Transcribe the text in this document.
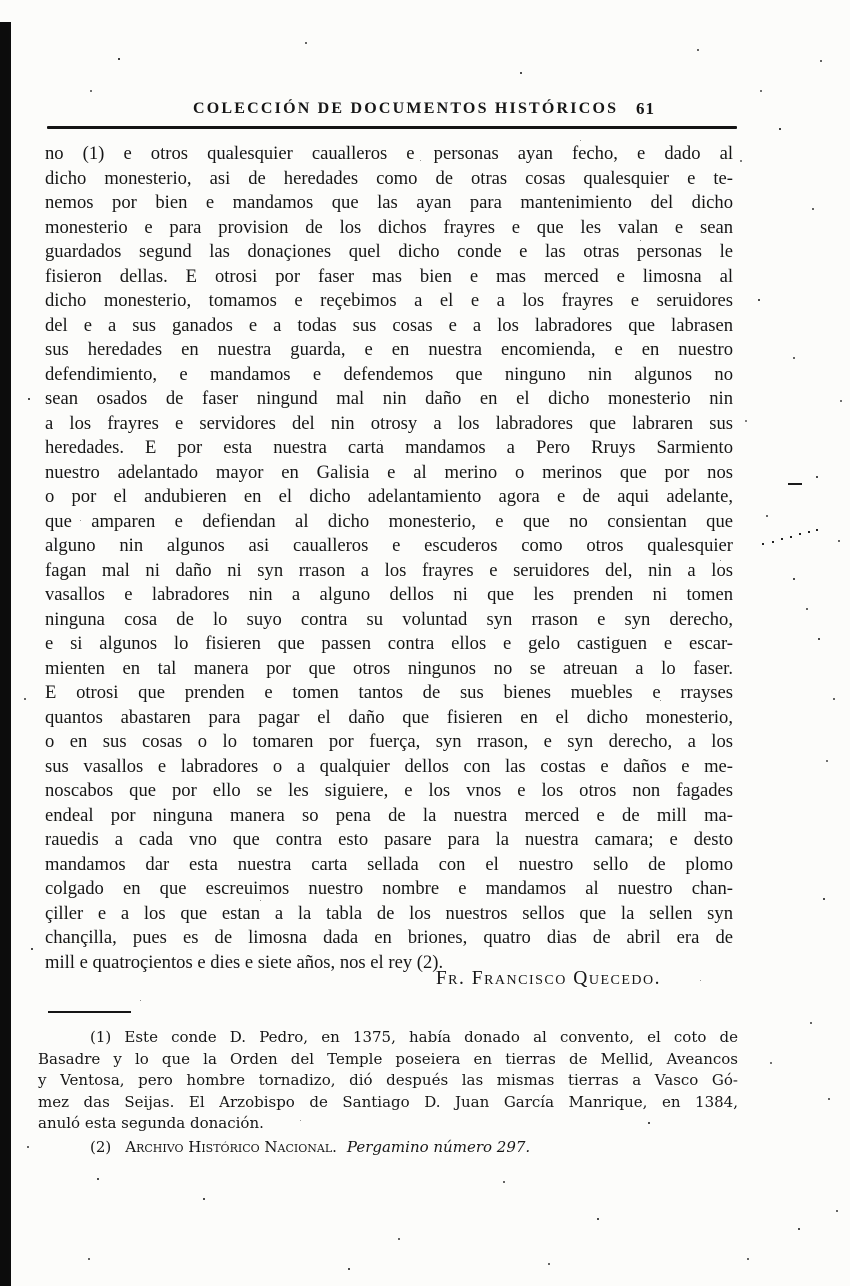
COLECCIÓN DE DOCUMENTOS HISTÓRICOS 61
no (1) e otros qualesquier caualleros e personas ayan fecho, e dado al
dicho monesterio, asi de heredades como de otras cosas qualesquier e te-
nemos por bien e mandamos que las ayan para mantenimiento del dicho
monesterio e para provision de los dichos frayres e que les valan e sean
guardados segund las donaçiones quel dicho conde e las otras personas le
fisieron dellas. E otrosi por faser mas bien e mas merced e limosna al
dicho monesterio, tomamos e reçebimos a el e a los frayres e seruidores
del e a sus ganados e a todas sus cosas e a los labradores que labrasen
sus heredades en nuestra guarda, e en nuestra encomienda, e en nuestro
defendimiento, e mandamos e defendemos que ninguno nin algunos no
sean osados de faser ningund mal nin daño en el dicho monesterio nin
a los frayres e servidores del nin otrosy a los labradores que labraren sus
heredades. E por esta nuestra carta mandamos a Pero Rruys Sarmiento
nuestro adelantado mayor en Galisia e al merino o merinos que por nos
o por el andubieren en el dicho adelantamiento agora e de aqui adelante,
que amparen e defiendan al dicho monesterio, e que no consientan que
alguno nin algunos asi caualleros e escuderos como otros qualesquier
fagan mal ni daño ni syn rrason a los frayres e seruidores del, nin a los
vasallos e labradores nin a alguno dellos ni que les prenden ni tomen
ninguna cosa de lo suyo contra su voluntad syn rrason e syn derecho,
e si algunos lo fisieren que passen contra ellos e gelo castiguen e escar-
mienten en tal manera por que otros ningunos no se atreuan a lo faser.
E otrosi que prenden e tomen tantos de sus bienes muebles e rrayses
quantos abastaren para pagar el daño que fisieren en el dicho monesterio,
o en sus cosas o lo tomaren por fuerça, syn rrason, e syn derecho, a los
sus vasallos e labradores o a qualquier dellos con las costas e daños e me-
noscabos que por ello se les siguiere, e los vnos e los otros non fagades
endeal por ninguna manera so pena de la nuestra merced e de mill ma-
rauedis a cada vno que contra esto pasare para la nuestra camara; e desto
mandamos dar esta nuestra carta sellada con el nuestro sello de plomo
colgado en que escreuimos nuestro nombre e mandamos al nuestro chan-
çiller e a los que estan a la tabla de los nuestros sellos que la sellen syn
chançilla, pues es de limosna dada en briones, quatro dias de abril era de
mill e quatroçientos e dies e siete años, nos el rey (2).
Fr. Francisco Quecedo.
(1) Este conde D. Pedro, en 1375, había donado al convento, el coto de
Basadre y lo que la Orden del Temple poseiera en tierras de Mellid, Aveancos
y Ventosa, pero hombre tornadizo, dió después las mismas tierras a Vasco Gó-
mez das Seijas. El Arzobispo de Santiago D. Juan García Manrique, en 1384,
anuló esta segunda donación.
(2) Archivo Histórico Nacional. Pergamino número 297.
